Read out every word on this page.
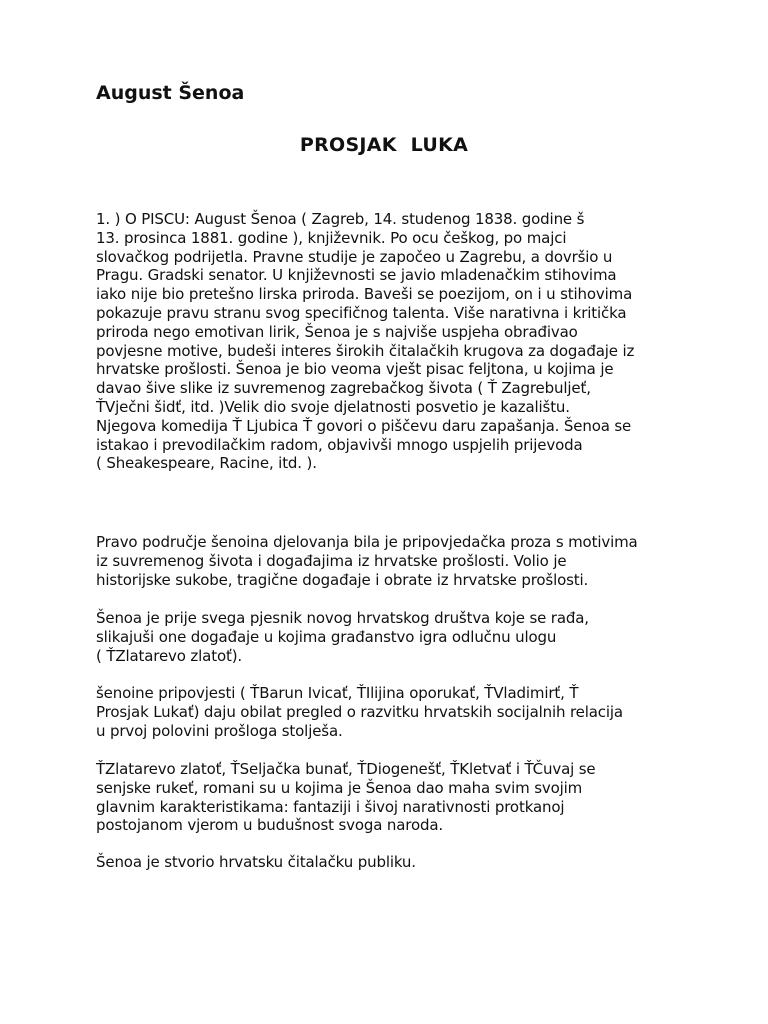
August Šenoa
PROSJAK  LUKA
1. ) O PISCU: August Šenoa ( Zagreb, 14. studenog 1838. godine š
13. prosinca 1881. godine ), književnik. Po ocu češkog, po majci
slovačkog podrijetla. Pravne studije je započeo u Zagrebu, a dovršio u
Pragu. Gradski senator. U književnosti se javio mladenačkim stihovima
iako nije bio pretešno lirska priroda. Baveši se poezijom, on i u stihovima
pokazuje pravu stranu svog specifičnog talenta. Više narativna i kritička
priroda nego emotivan lirik, Šenoa je s najviše uspjeha obrađivao
povjesne motive, budeši interes širokih čitalačkih krugova za događaje iz
hrvatske prošlosti. Šenoa je bio veoma vješt pisac feljtona, u kojima je
davao šive slike iz suvremenog zagrebačkog šivota ( Ť Zagrebuljeť,
ŤVječni šidť, itd. )Velik dio svoje djelatnosti posvetio je kazalištu.
Njegova komedija Ť Ljubica Ť govori o piščevu daru zapašanja. Šenoa se
istakao i prevodilačkim radom, objavivši mnogo uspjelih prijevoda
( Sheakespeare, Racine, itd. ).
Pravo područje šenoina djelovanja bila je pripovjedačka proza s motivima
iz suvremenog šivota i događajima iz hrvatske prošlosti. Volio je
historijske sukobe, tragične događaje i obrate iz hrvatske prošlosti.
Šenoa je prije svega pjesnik novog hrvatskog društva koje se rađa,
slikajuši one događaje u kojima građanstvo igra odlučnu ulogu
( ŤZlatarevo zlatoť).
šenoine pripovjesti ( ŤBarun Ivicať, ŤIlijina oporukať, ŤVladimirť, Ť
Prosjak Lukať) daju obilat pregled o razvitku hrvatskih socijalnih relacija
u prvoj polovini prošloga stolješa.
ŤZlatarevo zlatoť, ŤSeljačka bunať, ŤDiogenešť, ŤKletvať i ŤČuvaj se
senjske rukeť, romani su u kojima je Šenoa dao maha svim svojim
glavnim karakteristikama: fantaziji i šivoj narativnosti protkanoj
postojanom vjerom u budušnost svoga naroda.
Šenoa je stvorio hrvatsku čitalačku publiku.
